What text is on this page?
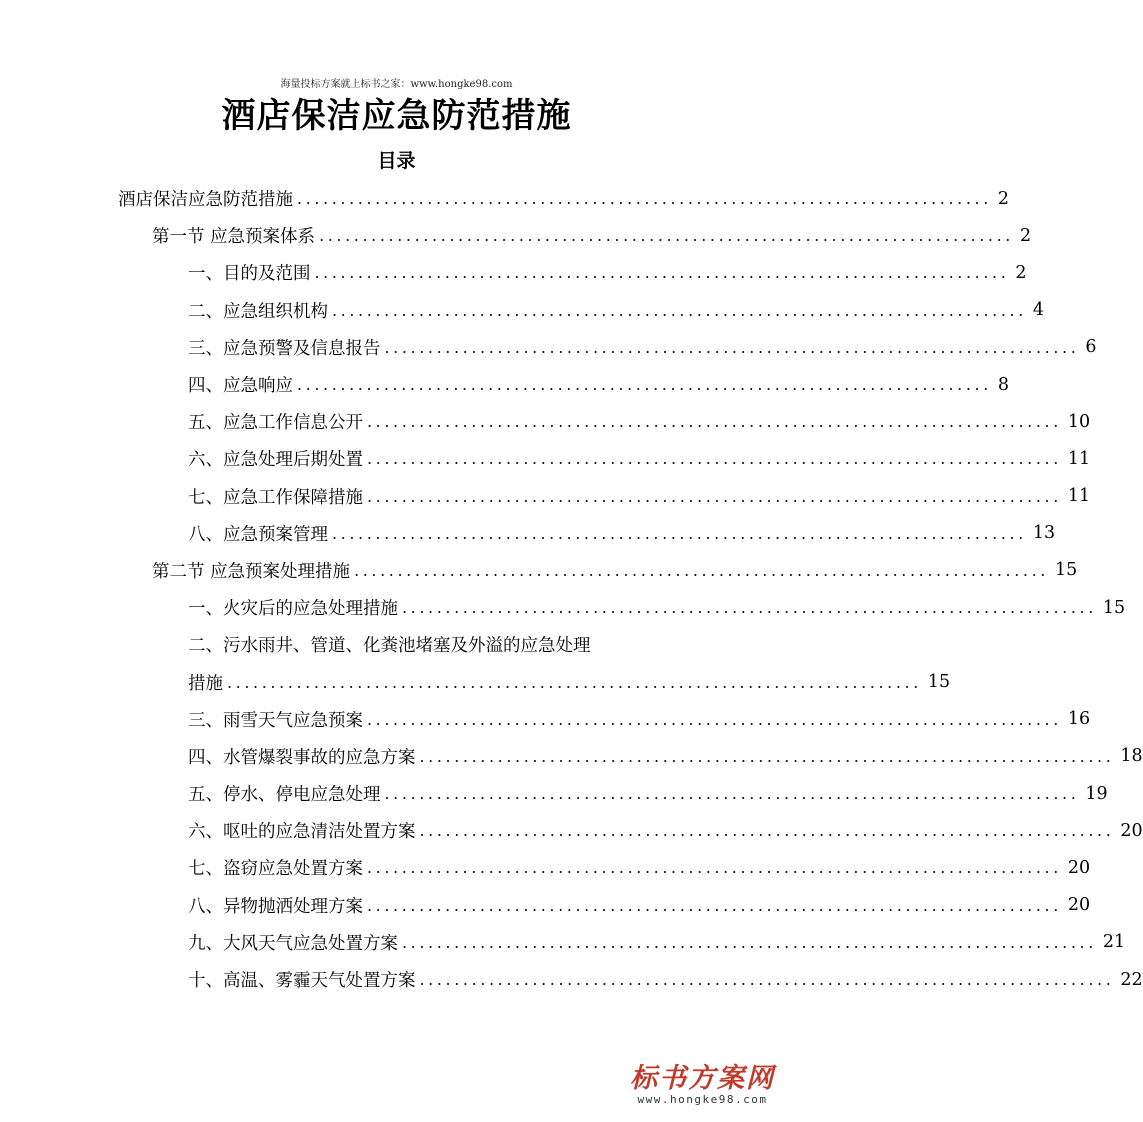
海量投标方案就上标书之家：www.hongke98.com
酒店保洁应急防范措施
目录
酒店保洁应急防范措施 ................................................................................ 2
第一节 应急预案体系 ................................................................................ 2
一、目的及范围 ................................................................................ 2
二、应急组织机构 ................................................................................ 4
三、应急预警及信息报告 ................................................................................ 6
四、应急响应 ................................................................................ 8
五、应急工作信息公开 ................................................................................ 10
六、应急处理后期处置 ................................................................................ 11
七、应急工作保障措施 ................................................................................ 11
八、应急预案管理 ................................................................................ 13
第二节 应急预案处理措施 ................................................................................ 15
一、火灾后的应急处理措施 ................................................................................ 15
二、污水雨井、管道、化粪池堵塞及外溢的应急处理
措施 ................................................................................ 15
三、雨雪天气应急预案 ................................................................................ 16
四、水管爆裂事故的应急方案 ................................................................................ 18
五、停水、停电应急处理 ................................................................................ 19
六、呕吐的应急清洁处置方案 ................................................................................ 20
七、盗窃应急处置方案 ................................................................................ 20
八、异物抛洒处理方案 ................................................................................ 20
九、大风天气应急处置方案 ................................................................................ 21
十、高温、雾霾天气处置方案 ................................................................................ 22
标书方案网
www.hongke98.com
